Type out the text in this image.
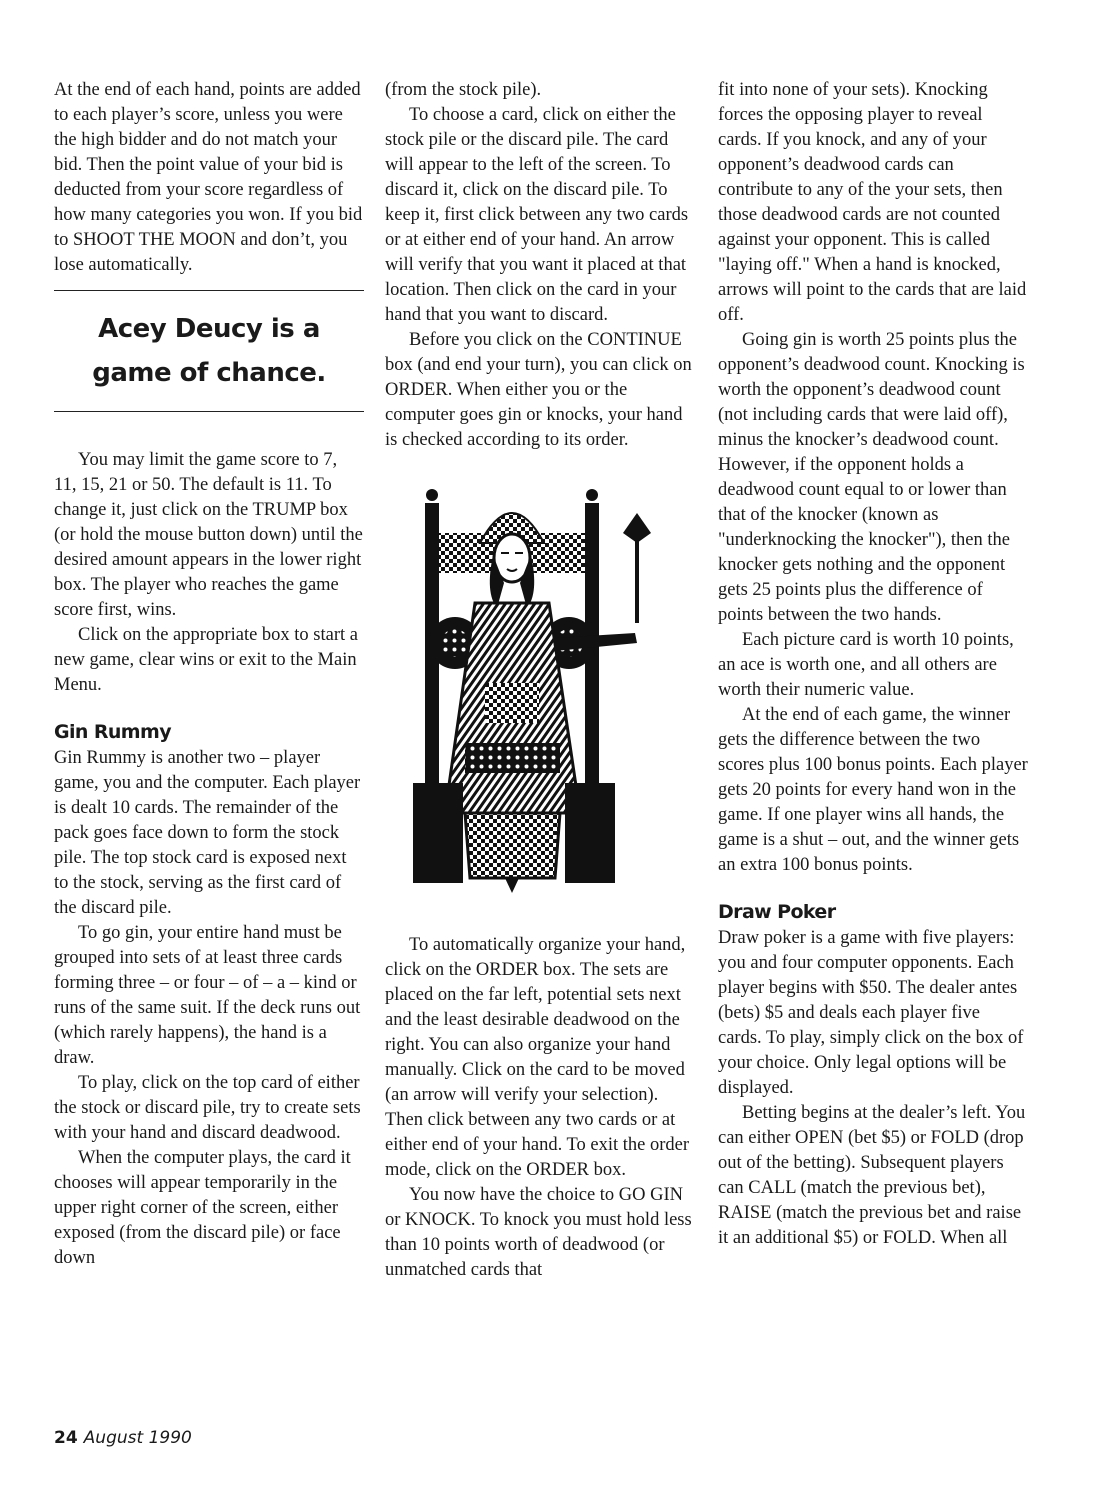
At the end of each hand, points are added to each player’s score, unless you were the high bidder and do not match your bid. Then the point value of your bid is deducted from your score regardless of how many categories you won. If you bid to SHOOT THE MOON and don’t, you lose automatically.

Acey Deucy is a game of chance.

You may limit the game score to 7, 11, 15, 21 or 50. The default is 11. To change it, just click on the TRUMP box (or hold the mouse button down) until the desired amount appears in the lower right box. The player who reaches the game score first, wins.

Click on the appropriate box to start a new game, clear wins or exit to the Main Menu.

Gin Rummy

Gin Rummy is another two – player game, you and the computer. Each player is dealt 10 cards. The remainder of the pack goes face down to form the stock pile. The top stock card is exposed next to the stock, serving as the first card of the discard pile.

To go gin, your entire hand must be grouped into sets of at least three cards forming three – or four – of – a – kind or runs of the same suit. If the deck runs out (which rarely happens), the hand is a draw.

To play, click on the top card of either the stock or discard pile, try to create sets with your hand and discard deadwood.

When the computer plays, the card it chooses will appear temporarily in the upper right corner of the screen, either exposed (from the discard pile) or face down

(from the stock pile).

To choose a card, click on either the stock pile or the discard pile. The card will appear to the left of the screen. To discard it, click on the discard pile. To keep it, first click between any two cards or at either end of your hand. An arrow will verify that you want it placed at that location. Then click on the card in your hand that you want to discard.

Before you click on the CONTINUE box (and end your turn), you can click on ORDER. When either you or the computer goes gin or knocks, your hand is checked according to its order.

To automatically organize your hand, click on the ORDER box. The sets are placed on the far left, potential sets next and the least desirable deadwood on the right. You can also organize your hand manually. Click on the card to be moved (an arrow will verify your selection). Then click between any two cards or at either end of your hand. To exit the order mode, click on the ORDER box.

You now have the choice to GO GIN or KNOCK. To knock you must hold less than 10 points worth of deadwood (or unmatched cards that

fit into none of your sets). Knocking forces the opposing player to reveal cards. If you knock, and any of your opponent’s deadwood cards can contribute to any of the your sets, then those deadwood cards are not counted against your opponent. This is called "laying off." When a hand is knocked, arrows will point to the cards that are laid off.

Going gin is worth 25 points plus the opponent’s deadwood count. Knocking is worth the opponent’s deadwood count (not including cards that were laid off), minus the knocker’s deadwood count. However, if the opponent holds a deadwood count equal to or lower than that of the knocker (known as "underknocking the knocker"), then the knocker gets nothing and the opponent gets 25 points plus the difference of points between the two hands.

Each picture card is worth 10 points, an ace is worth one, and all others are worth their numeric value.

At the end of each game, the winner gets the difference between the two scores plus 100 bonus points. Each player gets 20 points for every hand won in the game. If one player wins all hands, the game is a shut – out, and the winner gets an extra 100 bonus points.

Draw Poker

Draw poker is a game with five players: you and four computer opponents. Each player begins with $50. The dealer antes (bets) $5 and deals each player five cards. To play, simply click on the box of your choice. Only legal options will be displayed.

Betting begins at the dealer’s left. You can either OPEN (bet $5) or FOLD (drop out of the betting). Subsequent players can CALL (match the previous bet), RAISE (match the previous bet and raise it an additional $5) or FOLD. When all

24 August 1990
